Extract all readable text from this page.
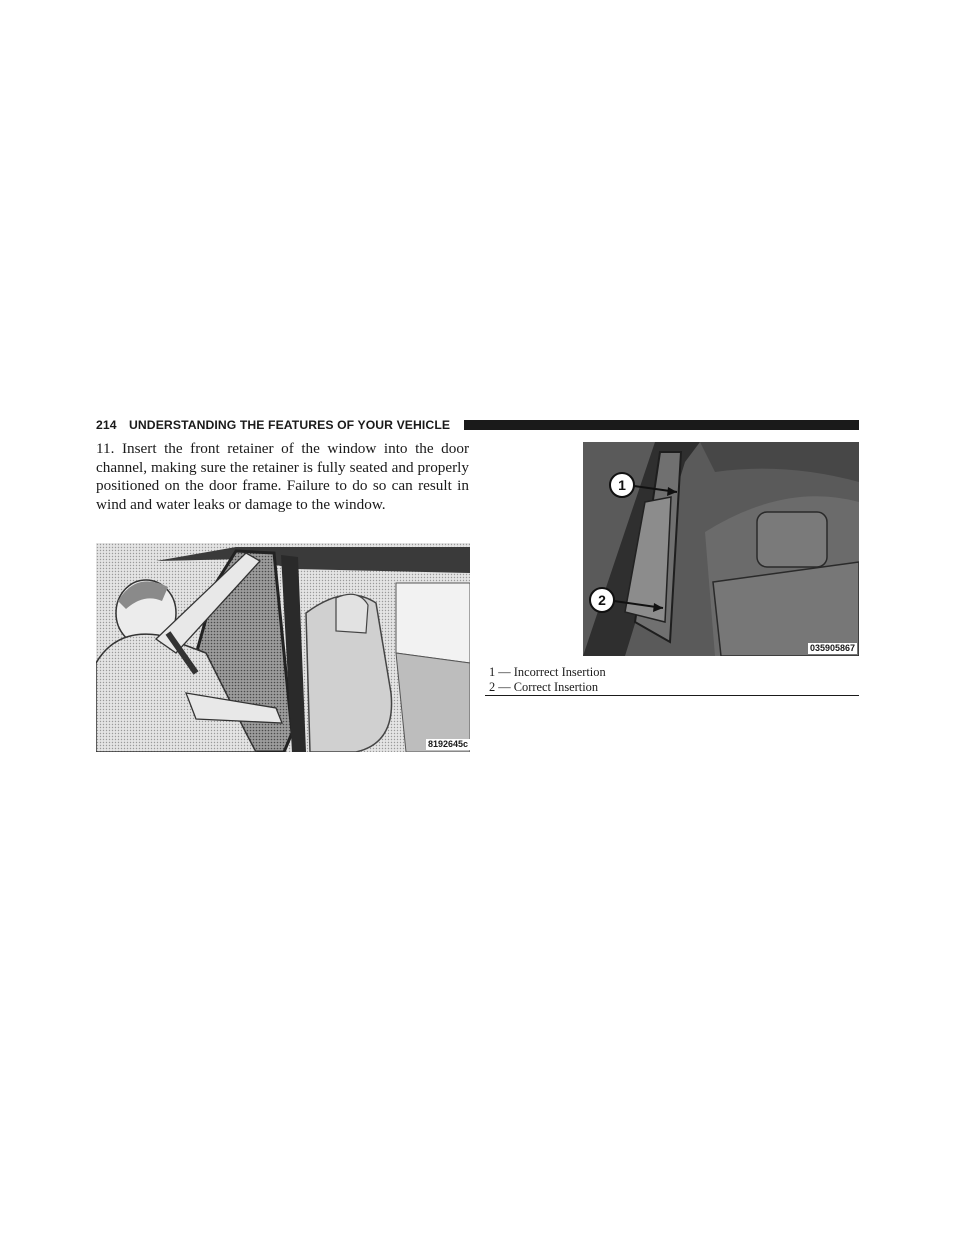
214 UNDERSTANDING THE FEATURES OF YOUR VEHICLE

11. Insert the front retainer of the window into the door channel, making sure the retainer is fully seated and properly positioned on the door frame. Failure to do so can result in wind and water leaks or damage to the window.

8192645c
1
2
035905867
1 — Incorrect Insertion
2 — Correct Insertion
